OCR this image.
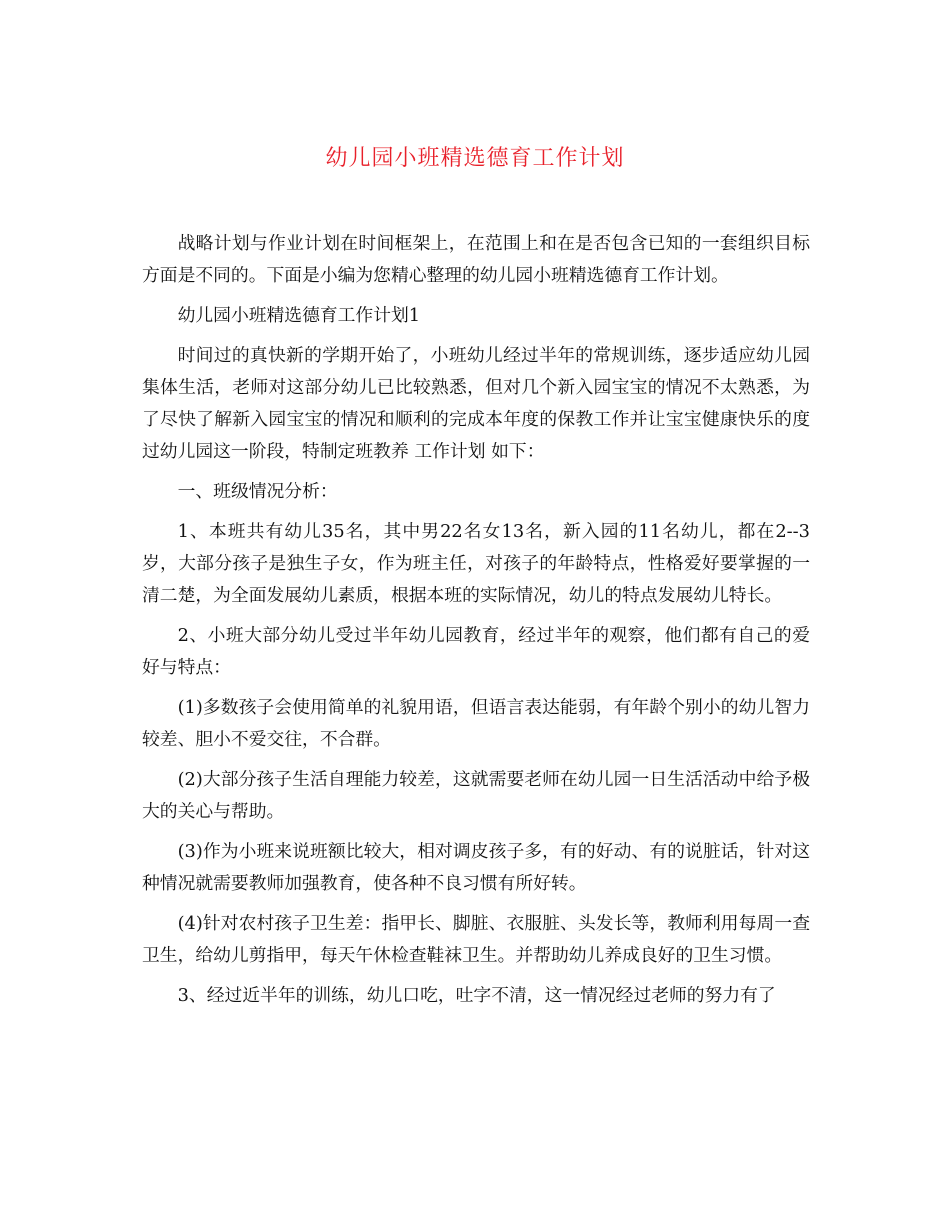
幼儿园小班精选德育工作计划

战略计划与作业计划在时间框架上，在范围上和在是否包含已知的一套组织目标方面是不同的。下面是小编为您精心整理的幼儿园小班精选德育工作计划。

幼儿园小班精选德育工作计划1

时间过的真快新的学期开始了，小班幼儿经过半年的常规训练，逐步适应幼儿园集体生活，老师对这部分幼儿已比较熟悉，但对几个新入园宝宝的情况不太熟悉，为了尽快了解新入园宝宝的情况和顺利的完成本年度的保教工作并让宝宝健康快乐的度过幼儿园这一阶段，特制定班教养 工作计划 如下：

一、班级情况分析：

1、本班共有幼儿35名，其中男22名女13名，新入园的11名幼儿，都在2--3岁，大部分孩子是独生子女，作为班主任，对孩子的年龄特点，性格爱好要掌握的一清二楚，为全面发展幼儿素质，根据本班的实际情况，幼儿的特点发展幼儿特长。

2、小班大部分幼儿受过半年幼儿园教育，经过半年的观察，他们都有自己的爱好与特点：

(1)多数孩子会使用简单的礼貌用语，但语言表达能弱，有年龄个别小的幼儿智力较差、胆小不爱交往，不合群。

(2)大部分孩子生活自理能力较差，这就需要老师在幼儿园一日生活活动中给予极大的关心与帮助。

(3)作为小班来说班额比较大，相对调皮孩子多，有的好动、有的说脏话，针对这种情况就需要教师加强教育，使各种不良习惯有所好转。

(4)针对农村孩子卫生差：指甲长、脚脏、衣服脏、头发长等，教师利用每周一查卫生，给幼儿剪指甲，每天午休检查鞋袜卫生。并帮助幼儿养成良好的卫生习惯。

3、经过近半年的训练，幼儿口吃，吐字不清，这一情况经过老师的努力有了
